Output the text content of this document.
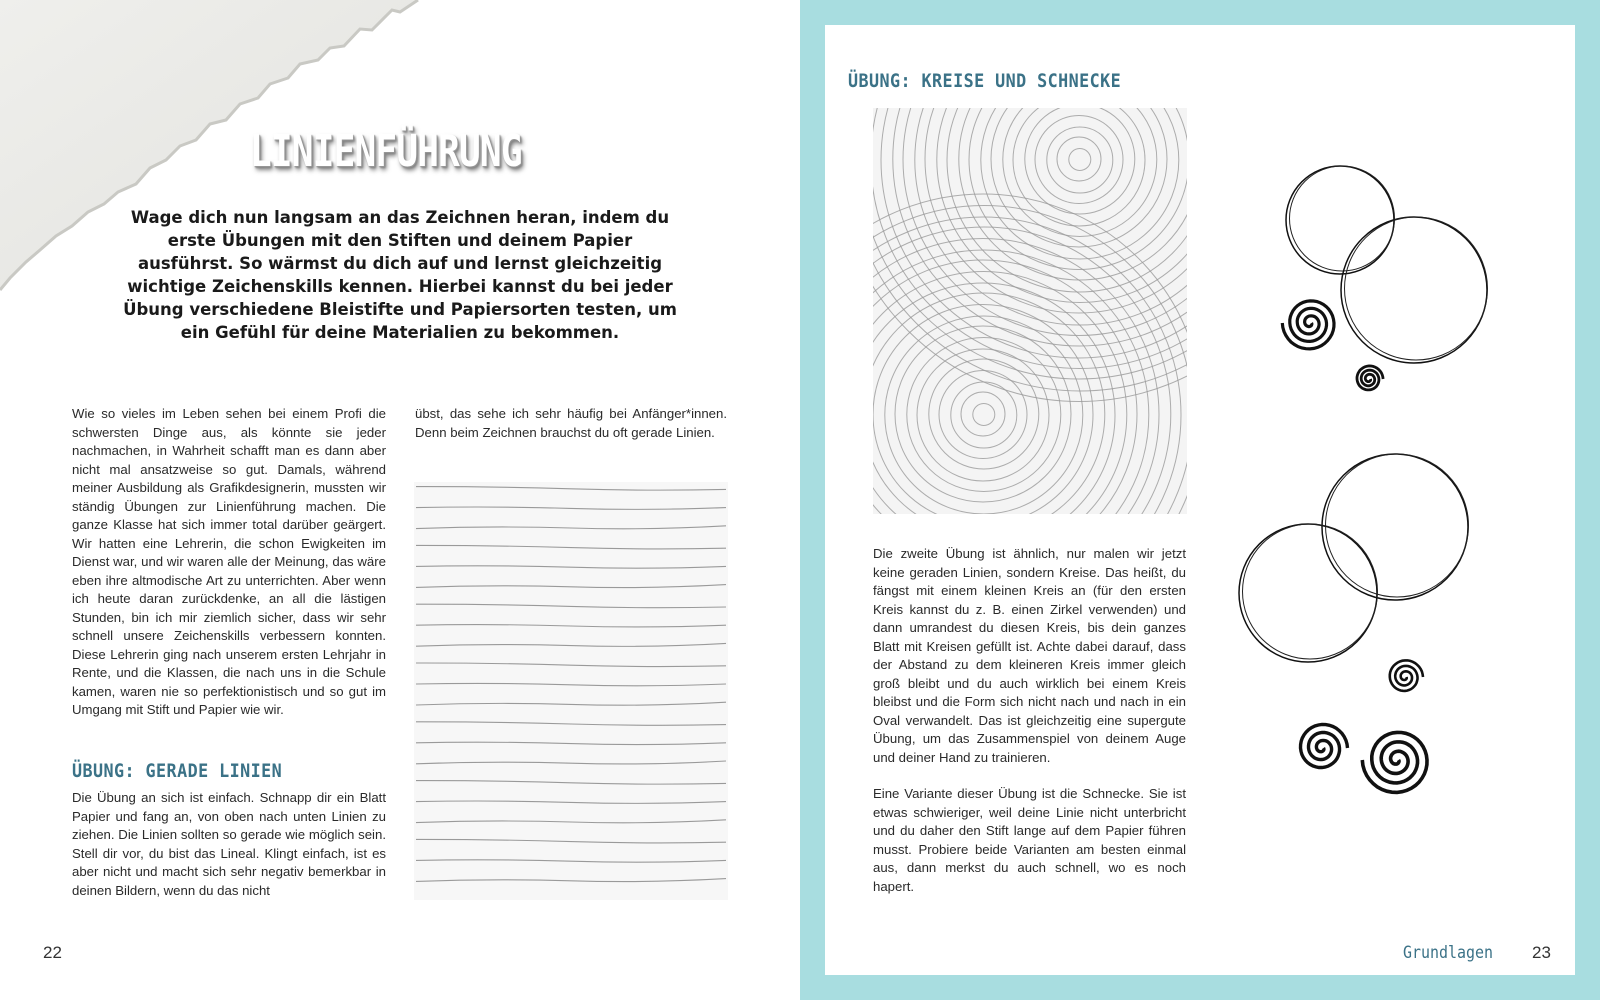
LINIENFÜHRUNG

Wage dich nun langsam an das Zeichnen heran, indem du erste Übungen mit den Stiften und deinem Papier ausführst. So wärmst du dich auf und lernst gleichzeitig wichtige Zeichenskills kennen. Hierbei kannst du bei jeder Übung verschiedene Bleistifte und Papiersorten testen, um ein Gefühl für deine Materialien zu bekommen.

Wie so vieles im Leben sehen bei einem Profi die schwersten Dinge aus, als könnte sie jeder nachmachen, in Wahrheit schafft man es dann aber nicht mal ansatzweise so gut. Damals, während meiner Ausbildung als Grafikdesignerin, mussten wir ständig Übungen zur Linienführung machen. Die ganze Klasse hat sich immer total darüber geärgert. Wir hatten eine Lehrerin, die schon Ewigkeiten im Dienst war, und wir waren alle der Meinung, das wäre eben ihre altmodische Art zu unterrichten. Aber wenn ich heute daran zurückdenke, an all die lästigen Stunden, bin ich mir ziemlich sicher, dass wir sehr schnell unsere Zeichenskills verbessern konnten. Diese Lehrerin ging nach unserem ersten Lehrjahr in Rente, und die Klassen, die nach uns in die Schule kamen, waren nie so perfektionistisch und so gut im Umgang mit Stift und Papier wie wir.

übst, das sehe ich sehr häufig bei Anfänger*innen. Denn beim Zeichnen brauchst du oft gerade Linien.

ÜBUNG: GERADE LINIEN

Die Übung an sich ist einfach. Schnapp dir ein Blatt Papier und fang an, von oben nach unten Linien zu ziehen. Die Linien sollten so gerade wie möglich sein. Stell dir vor, du bist das Lineal. Klingt einfach, ist es aber nicht und macht sich sehr negativ bemerkbar in deinen Bildern, wenn du das nicht

22

ÜBUNG: KREISE UND SCHNECKE

Die zweite Übung ist ähnlich, nur malen wir jetzt keine geraden Linien, sondern Kreise. Das heißt, du fängst mit einem kleinen Kreis an (für den ersten Kreis kannst du z. B. einen Zirkel verwenden) und dann umrandest du diesen Kreis, bis dein ganzes Blatt mit Kreisen gefüllt ist. Achte dabei darauf, dass der Abstand zu dem kleineren Kreis immer gleich groß bleibt und du auch wirklich bei einem Kreis bleibst und die Form sich nicht nach und nach in ein Oval verwandelt. Das ist gleichzeitig eine supergute Übung, um das Zusammenspiel von deinem Auge und deiner Hand zu trainieren.

Eine Variante dieser Übung ist die Schnecke. Sie ist etwas schwieriger, weil deine Linie nicht unterbricht und du daher den Stift lange auf dem Papier führen musst. Probiere beide Varianten am besten einmal aus, dann merkst du auch schnell, wo es noch hapert.

Grundlagen 23
